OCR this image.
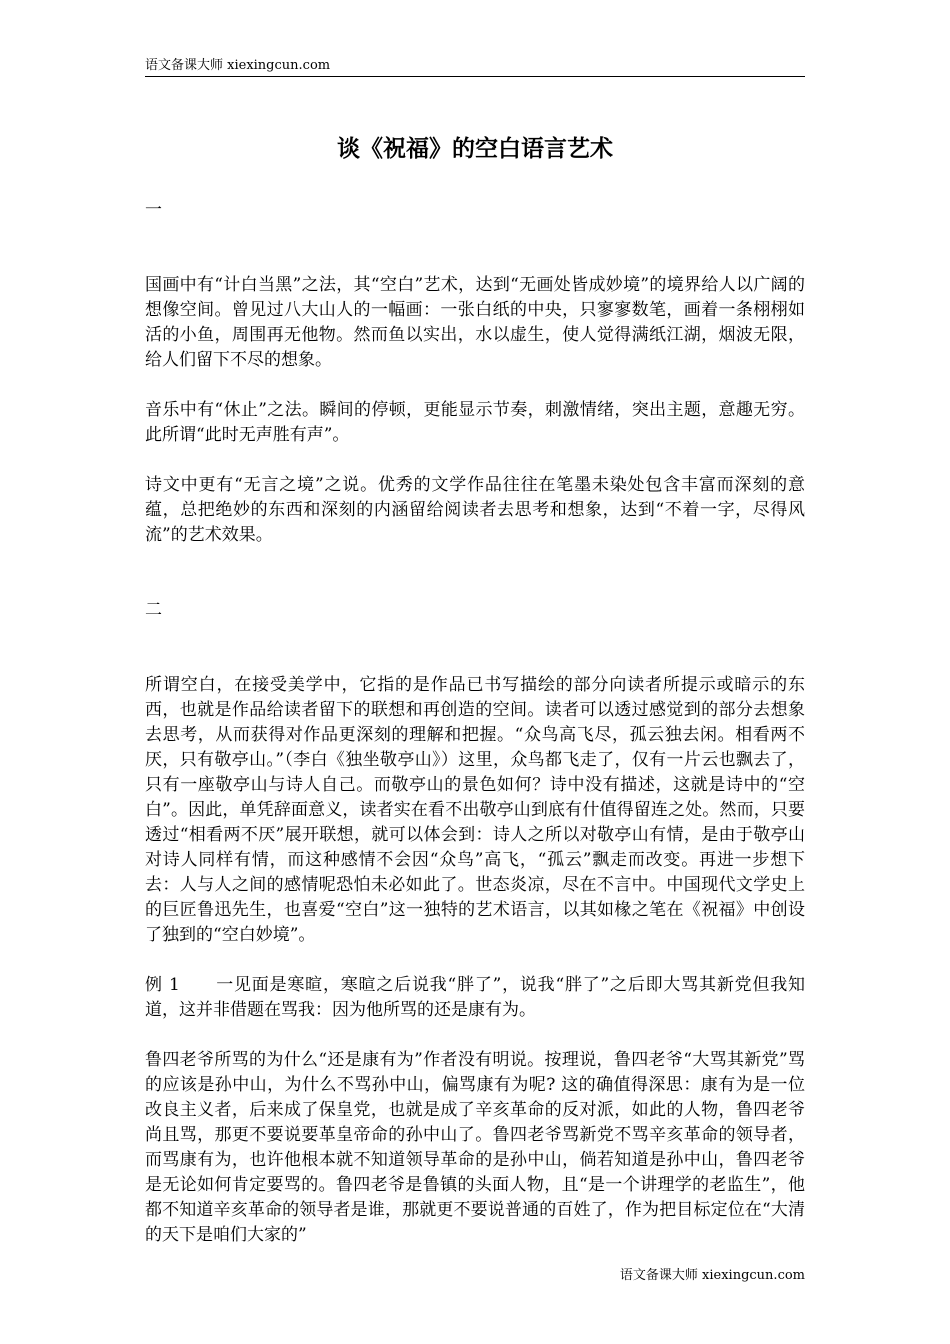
语文备课大师 xiexingcun.com
谈《祝福》的空白语言艺术

一

国画中有“计白当黑”之法，其“空白”艺术，达到“无画处皆成妙境”的境界给人以广阔的想像空间。曾见过八大山人的一幅画：一张白纸的中央，只寥寥数笔，画着一条栩栩如活的小鱼，周围再无他物。然而鱼以实出，水以虚生，使人觉得满纸江湖，烟波无限，给人们留下不尽的想象。

音乐中有“休止”之法。瞬间的停顿，更能显示节奏，刺激情绪，突出主题，意趣无穷。此所谓“此时无声胜有声”。

诗文中更有“无言之境”之说。优秀的文学作品往往在笔墨未染处包含丰富而深刻的意蕴，总把绝妙的东西和深刻的内涵留给阅读者去思考和想象，达到“不着一字，尽得风流”的艺术效果。

二

所谓空白，在接受美学中，它指的是作品已书写描绘的部分向读者所提示或暗示的东西，也就是作品给读者留下的联想和再创造的空间。读者可以透过感觉到的部分去想象去思考，从而获得对作品更深刻的理解和把握。“众鸟高飞尽，孤云独去闲。相看两不厌，只有敬亭山。”（李白《独坐敬亭山》）这里，众鸟都飞走了，仅有一片云也飘去了，只有一座敬亭山与诗人自己。而敬亭山的景色如何？诗中没有描述，这就是诗中的“空白”。因此，单凭辞面意义，读者实在看不出敬亭山到底有什值得留连之处。然而，只要透过“相看两不厌”展开联想，就可以体会到：诗人之所以对敬亭山有情，是由于敬亭山对诗人同样有情，而这种感情不会因“众鸟”高飞，“孤云”飘走而改变。再进一步想下去：人与人之间的感情呢恐怕未必如此了。世态炎凉，尽在不言中。中国现代文学史上的巨匠鲁迅先生，也喜爱“空白”这一独特的艺术语言，以其如椽之笔在《祝福》中创设了独到的“空白妙境”。

例 1　　一见面是寒暄，寒暄之后说我“胖了”，说我“胖了”之后即大骂其新党但我知道，这并非借题在骂我：因为他所骂的还是康有为。

鲁四老爷所骂的为什么“还是康有为”作者没有明说。按理说，鲁四老爷“大骂其新党”骂的应该是孙中山，为什么不骂孙中山，偏骂康有为呢? 这的确值得深思：康有为是一位改良主义者，后来成了保皇党，也就是成了辛亥革命的反对派，如此的人物，鲁四老爷尚且骂，那更不要说要革皇帝命的孙中山了。鲁四老爷骂新党不骂辛亥革命的领导者，而骂康有为，也许他根本就不知道领导革命的是孙中山，倘若知道是孙中山，鲁四老爷是无论如何肯定要骂的。鲁四老爷是鲁镇的头面人物，且“是一个讲理学的老监生”，他都不知道辛亥革命的领导者是谁，那就更不要说普通的百姓了，作为把目标定位在“大清的天下是咱们大家的”

语文备课大师 xiexingcun.com
